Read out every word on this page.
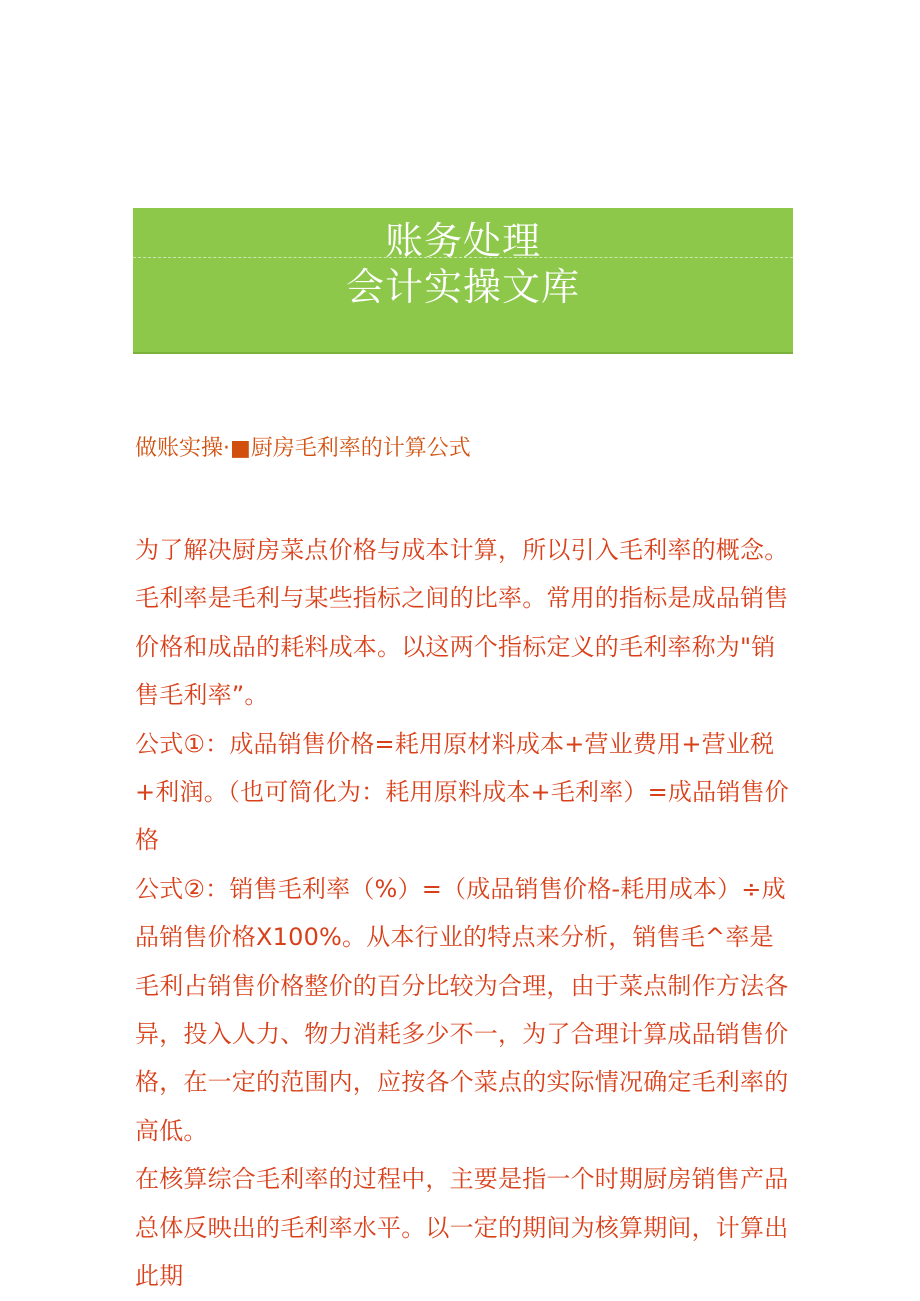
账务处理
会计实操文库
做账实操·■厨房毛利率的计算公式

为了解决厨房菜点价格与成本计算，所以引入毛利率的概念。毛利率是毛利与某些指标之间的比率。常用的指标是成品销售价格和成品的耗料成本。以这两个指标定义的毛利率称为"销售毛利率”。

公式①：成品销售价格=耗用原材料成本+营业费用+营业税+利润。（也可简化为：耗用原料成本+毛利率）=成品销售价格

公式②：销售毛利率（%）=（成品销售价格-耗用成本）÷成品销售价格X100%。从本行业的特点来分析，销售毛^率是毛利占销售价格整价的百分比较为合理，由于菜点制作方法各异，投入人力、物力消耗多少不一，为了合理计算成品销售价格，在一定的范围内，应按各个菜点的实际情况确定毛利率的高低。

在核算综合毛利率的过程中，主要是指一个时期厨房销售产品总体反映出的毛利率水平。以一定的期间为核算期间，计算出此期
